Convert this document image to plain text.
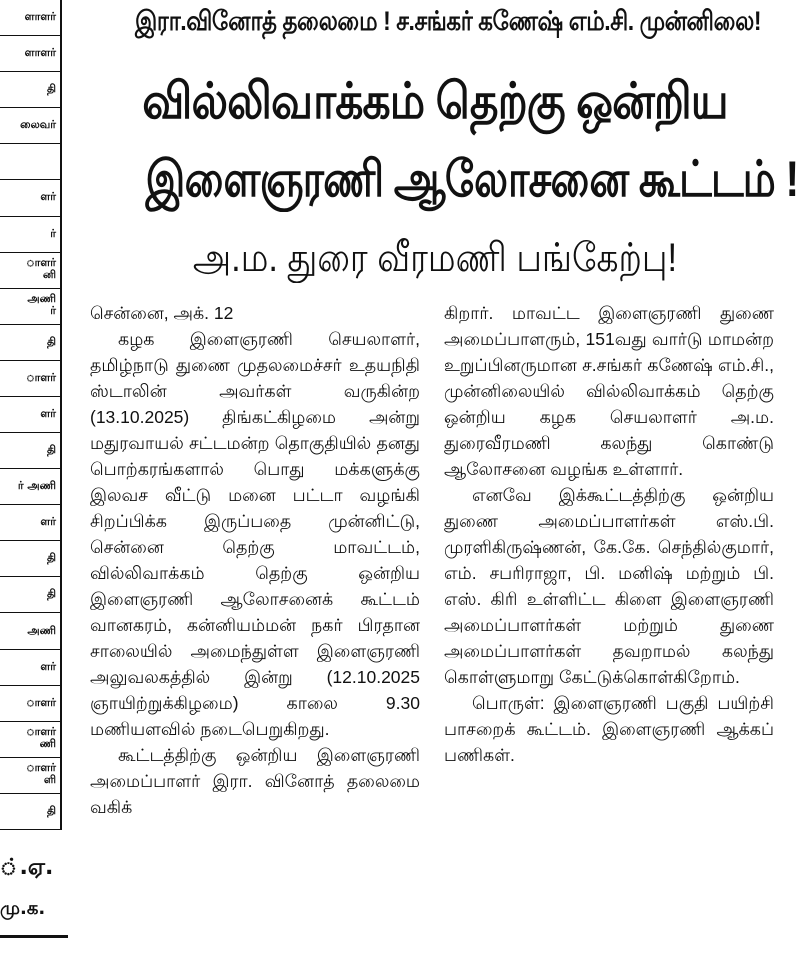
ளாளர்
ளாளர்
தி
லைவர்
ளர்
ர்
ாளர்
னி
அணி
ர்
தி
ாளர்
ளர்
தி
ர் அணி
ளர்
தி
தி
அணி
ளர்
ாளர்
ாளர்
ணி
ாளர்
ளி
தி
்.ஏ.
மு.க.
இரா.வினோத் தலைமை ! ச.சங்கர் கணேஷ் எம்.சி. முன்னிலை!
வில்லிவாக்கம் தெற்கு ஒன்றிய
இளைஞரணி ஆலோசனை கூட்டம் !
அ.ம. துரை வீரமணி பங்கேற்பு!

சென்னை, அக். 12

கழக இளைஞரணி செயலாளர், தமிழ்நாடு துணை முதலமைச்சர் உதயநிதி ஸ்டாலின் அவர்கள் வருகின்ற (13.10.2025) திங்கட்கிழமை அன்று மதுரவாயல் சட்டமன்ற தொகுதியில் தனது பொற்கரங்களால் பொது மக்களுக்கு இலவச வீட்டு மனை பட்டா வழங்கி சிறப்பிக்க இருப்பதை முன்னிட்டு, சென்னை தெற்கு மாவட்டம், வில்லிவாக்கம் தெற்கு ஒன்றிய இளைஞரணி ஆலோசனைக் கூட்டம் வானகரம், கன்னியம்மன் நகர் பிரதான சாலையில் அமைந்துள்ள இளைஞரணி அலுவலகத்தில் இன்று (12.10.2025 ஞாயிற்றுக்கிழமை) காலை 9.30 மணியளவில் நடைபெறுகிறது.

கூட்டத்திற்கு ஒன்றிய இளைஞரணி அமைப்பாளர் இரா. வினோத் தலைமை வகிக்

கிறார். மாவட்ட இளைஞரணி துணை அமைப்பாளரும், 151வது வார்டு மாமன்ற உறுப்பினருமான ச.சங்கர் கணேஷ் எம்.சி., முன்னிலையில் வில்லிவாக்கம் தெற்கு ஒன்றிய கழக செயலாளர் அ.ம. துரைவீரமணி கலந்து கொண்டு ஆலோசனை வழங்க உள்ளார்.

எனவே இக்கூட்டத்திற்கு ஒன்றிய துணை அமைப்பாளர்கள் எஸ்.பி. முரளிகிருஷ்ணன், கே.கே. செந்தில்குமார், எம். சபரிராஜா, பி. மனிஷ் மற்றும் பி. எஸ். கிரி உள்ளிட்ட கிளை இளைஞரணி அமைப்பாளர்கள் மற்றும் துணை அமைப்பாளர்கள் தவறாமல் கலந்து கொள்ளுமாறு கேட்டுக்கொள்கிறோம்.

பொருள்: இளைஞரணி பகுதி பயிற்சி பாசறைக் கூட்டம். இளைஞரணி ஆக்கப் பணிகள்.
